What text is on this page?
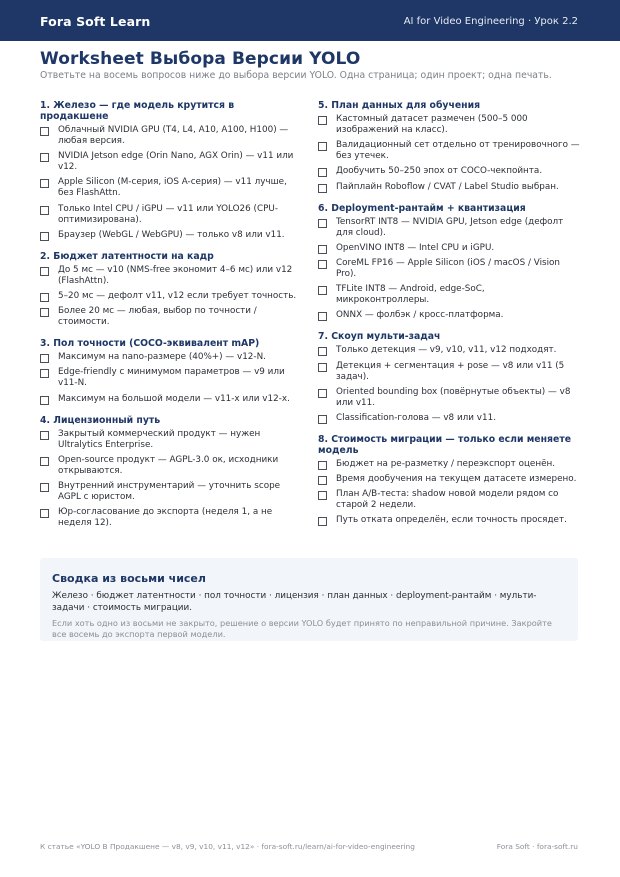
Fora Soft Learn	AI for Video Engineering · Урок 2.2
Worksheet Выбора Версии YOLO
Ответьте на восемь вопросов ниже до выбора версии YOLO. Одна страница; один проект; одна печать.
1. Железо — где модель крутится в продакшене
Облачный NVIDIA GPU (T4, L4, A10, A100, H100) — любая версия.
NVIDIA Jetson edge (Orin Nano, AGX Orin) — v11 или v12.
Apple Silicon (M-серия, iOS A-серия) — v11 лучше, без FlashAttn.
Только Intel CPU / iGPU — v11 или YOLO26 (CPU-оптимизирована).
Браузер (WebGL / WebGPU) — только v8 или v11.
2. Бюджет латентности на кадр
До 5 мс — v10 (NMS-free экономит 4–6 мс) или v12 (FlashAttn).
5–20 мс — дефолт v11, v12 если требует точность.
Более 20 мс — любая, выбор по точности / стоимости.
3. Пол точности (COCO-эквивалент mAP)
Максимум на nano-размере (40%+) — v12-N.
Edge-friendly с минимумом параметров — v9 или v11-N.
Максимум на большой модели — v11-x или v12-x.
4. Лицензионный путь
Закрытый коммерческий продукт — нужен Ultralytics Enterprise.
Open-source продукт — AGPL-3.0 ок, исходники открываются.
Внутренний инструментарий — уточнить scope AGPL с юристом.
Юр-согласование до экспорта (неделя 1, а не неделя 12).
5. План данных для обучения
Кастомный датасет размечен (500–5 000 изображений на класс).
Валидационный сет отдельно от тренировочного — без утечек.
Дообучить 50–250 эпох от COCO-чекпойнта.
Пайплайн Roboflow / CVAT / Label Studio выбран.
6. Deployment-рантайм + квантизация
TensorRT INT8 — NVIDIA GPU, Jetson edge (дефолт для cloud).
OpenVINO INT8 — Intel CPU и iGPU.
CoreML FP16 — Apple Silicon (iOS / macOS / Vision Pro).
TFLite INT8 — Android, edge-SoC, микроконтроллеры.
ONNX — фолбэк / кросс-платформа.
7. Скоуп мульти-задач
Только детекция — v9, v10, v11, v12 подходят.
Детекция + сегментация + pose — v8 или v11 (5 задач).
Oriented bounding box (повёрнутые объекты) — v8 или v11.
Classification-голова — v8 или v11.
8. Стоимость миграции — только если меняете модель
Бюджет на ре-разметку / переэкспорт оценён.
Время дообучения на текущем датасете измерено.
План A/B-теста: shadow новой модели рядом со старой 2 недели.
Путь отката определён, если точность просядет.
Сводка из восьми чисел
Железо · бюджет латентности · пол точности · лицензия · план данных · deployment-рантайм · мульти-задачи · стоимость миграции.
Если хоть одно из восьми не закрыто, решение о версии YOLO будет принято по неправильной причине. Закройте все восемь до экспорта первой модели.
К статье «YOLO В Продакшене — v8, v9, v10, v11, v12» · fora-soft.ru/learn/ai-for-video-engineering	Fora Soft · fora-soft.ru
